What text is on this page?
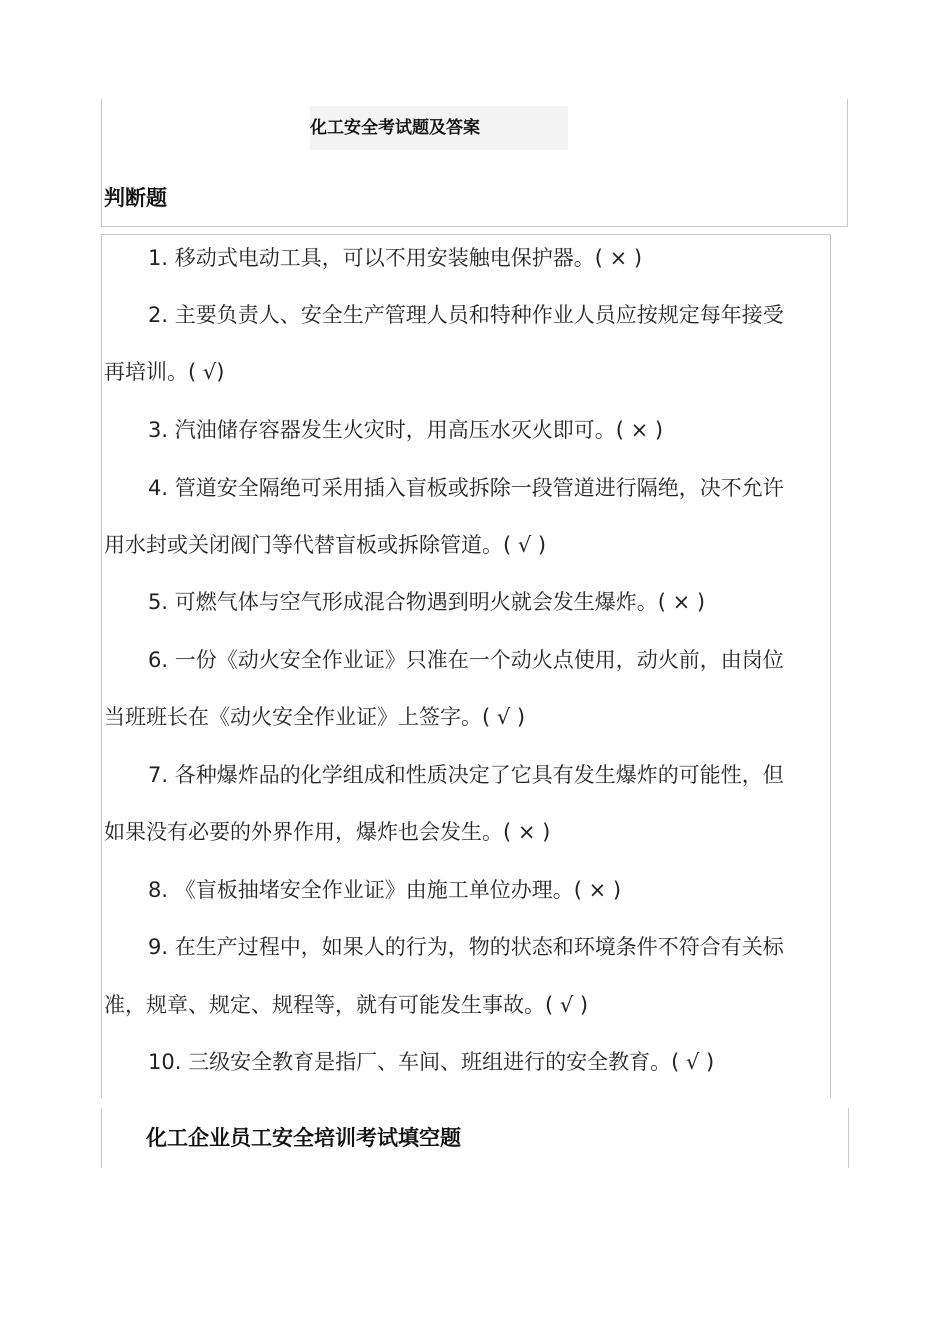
化工安全考试题及答案
判断题
1. 移动式电动工具，可以不用安装触电保护器。( × )
2. 主要负责人、安全生产管理人员和特种作业人员应按规定每年接受
再培训。( √)
3. 汽油储存容器发生火灾时，用高压水灭火即可。( × )
4. 管道安全隔绝可采用插入盲板或拆除一段管道进行隔绝，决不允许
用水封或关闭阀门等代替盲板或拆除管道。( √ )
5. 可燃气体与空气形成混合物遇到明火就会发生爆炸。( × )
6. 一份《动火安全作业证》只准在一个动火点使用，动火前，由岗位
当班班长在《动火安全作业证》上签字。( √ )
7. 各种爆炸品的化学组成和性质决定了它具有发生爆炸的可能性，但
如果没有必要的外界作用，爆炸也会发生。( × )
8. 《盲板抽堵安全作业证》由施工单位办理。( × )
9. 在生产过程中，如果人的行为，物的状态和环境条件不符合有关标
准，规章、规定、规程等，就有可能发生事故。( √ )
10. 三级安全教育是指厂、车间、班组进行的安全教育。( √ )
化工企业员工安全培训考试填空题
